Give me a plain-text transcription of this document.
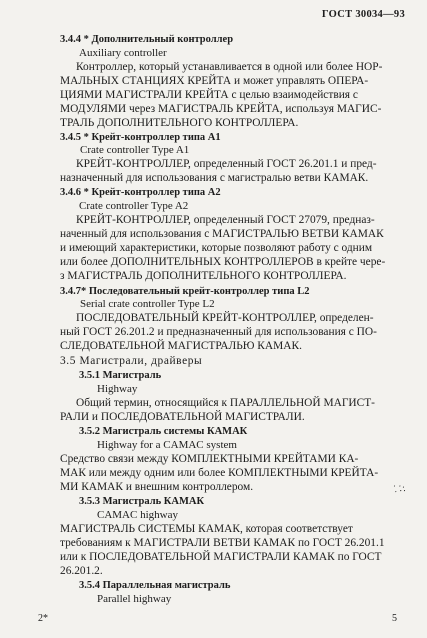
ГОСТ 30034—93
3.4.4 * Дополнительный контроллер
Auxiliary controller
Контроллер, который устанавливается в одной или более НОР-
МАЛЬНЫХ СТАНЦИЯХ КРЕЙТА и может управлять ОПЕРА-
ЦИЯМИ МАГИСТРАЛИ КРЕЙТА с целью взаимодействия с
МОДУЛЯМИ через МАГИСТРАЛЬ КРЕЙТА, используя МАГИС-
ТРАЛЬ ДОПОЛНИТЕЛЬНОГО КОНТРОЛЛЕРА.
3.4.5 * Крейт-контроллер типа А1
Crate controller Type A1
КРЕЙТ-КОНТРОЛЛЕР, определенный ГОСТ 26.201.1 и пред-
назначенный для использования с магистралью ветви КАМАК.
3.4.6 * Крейт-контроллер типа А2
Crate controller Type A2
КРЕЙТ-КОНТРОЛЛЕР, определенный ГОСТ 27079, предназ-
наченный для использования с МАГИСТРАЛЬЮ ВЕТВИ КАМАК
и имеющий характеристики, которые позволяют работу с одним
или более ДОПОЛНИТЕЛЬНЫХ КОНТРОЛЛЕРОВ в крейте чере-
з МАГИСТРАЛЬ ДОПОЛНИТЕЛЬНОГО КОНТРОЛЛЕРА.
3.4.7* Последовательный крейт-контроллер типа L2
Serial crate controller Type L2
ПОСЛЕДОВАТЕЛЬНЫЙ КРЕЙТ-КОНТРОЛЛЕР, определен-
ный ГОСТ 26.201.2 и предназначенный для использования с ПО-
СЛЕДОВАТЕЛЬНОЙ МАГИСТРАЛЬЮ КАМАК.
3.5 Магистрали, драйверы
3.5.1 Магистраль
Highway
Общий термин, относящийся к ПАРАЛЛЕЛЬНОЙ МАГИСТ-
РАЛИ и ПОСЛЕДОВАТЕЛЬНОЙ МАГИСТРАЛИ.
3.5.2 Магистраль системы КАМАК
Highway for a CAMAC system
Средство связи между КОМПЛЕКТНЫМИ КРЕЙТАМИ КА-
МАК или между одним или более КОМПЛЕКТНЫМИ КРЕЙТА-
МИ КАМАК и внешним контроллером.	⸪∴
3.5.3 Магистраль КАМАК
CAMAC highway
МАГИСТРАЛЬ СИСТЕМЫ КАМАК, которая соответствует
требованиям к МАГИСТРАЛИ ВЕТВИ КАМАК по ГОСТ 26.201.1
или к ПОСЛЕДОВАТЕЛЬНОЙ МАГИСТРАЛИ КАМАК по ГОСТ
26.201.2.
3.5.4 Параллельная магистраль
Parallel highway
2*	5
